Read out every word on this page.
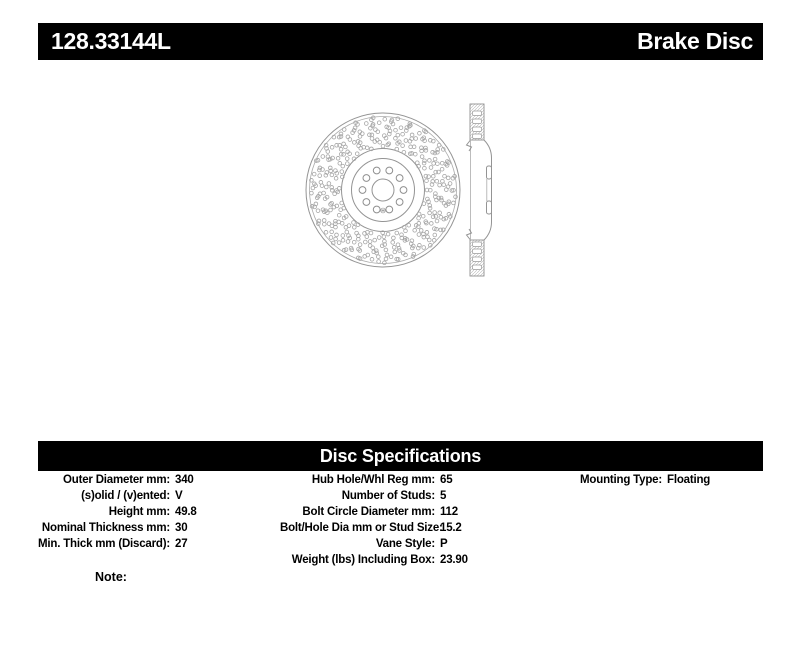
128.33144L	Brake Disc
Disc Specifications
Outer Diameter mm: 340
(s)olid / (v)ented: V
Height mm: 49.8
Nominal Thickness mm: 30
Min. Thick mm (Discard): 27
Hub Hole/Whl Reg mm: 65
Number of Studs: 5
Bolt Circle Diameter mm: 112
Bolt/Hole Dia mm or Stud Size:
15.2
Vane Style: P
Weight (lbs) Including Box: 23.90
Mounting Type: Floating
Note:
